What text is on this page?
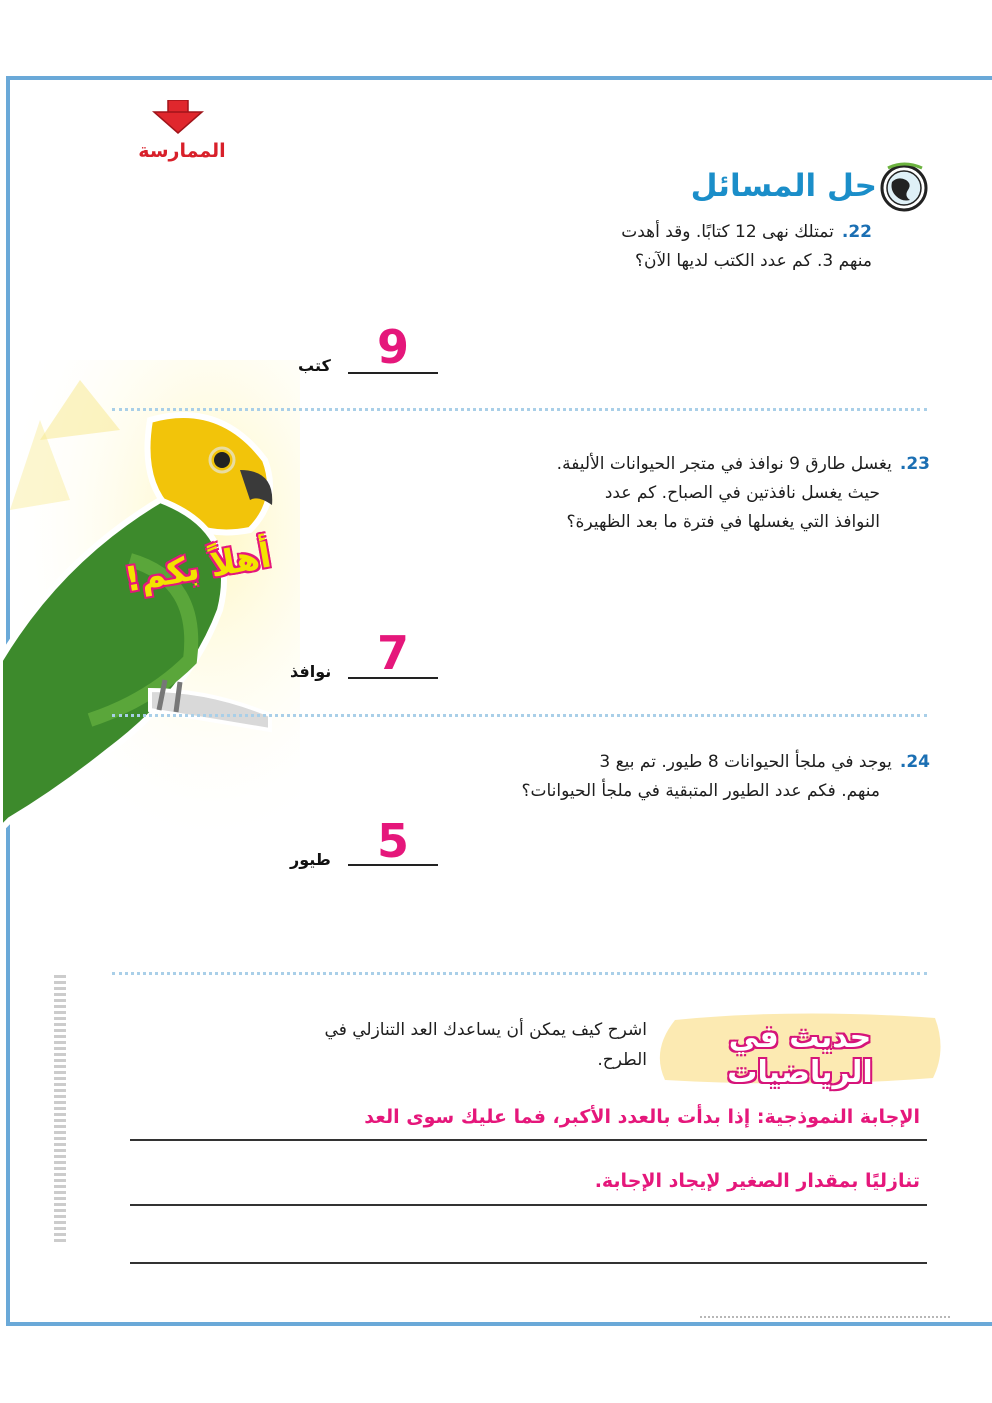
الممارسة
حل المسائل
أهلاً بكم!
22.تمتلك نهى 12 كتابًا. وقد أهدت
منهم 3. كم عدد الكتب لديها الآن؟
9
كتب
23.يغسل طارق 9 نوافذ في متجر الحيوانات الأليفة.
حيث يغسل نافذتين في الصباح. كم عدد
النوافذ التي يغسلها في فترة ما بعد الظهيرة؟
7
نوافذ
24.يوجد في ملجأ الحيوانات 8 طيور. تم بيع 3
منهم. فكم عدد الطيور المتبقية في ملجأ الحيوانات؟
5
طيور
حديث في الرياضيات
اشرح كيف يمكن أن يساعدك العد التنازلي في
الطرح.
الإجابة النموذجية: إذا بدأت بالعدد الأكبر، فما عليك سوى العد
تنازليًا بمقدار الصغير لإيجاد الإجابة.
